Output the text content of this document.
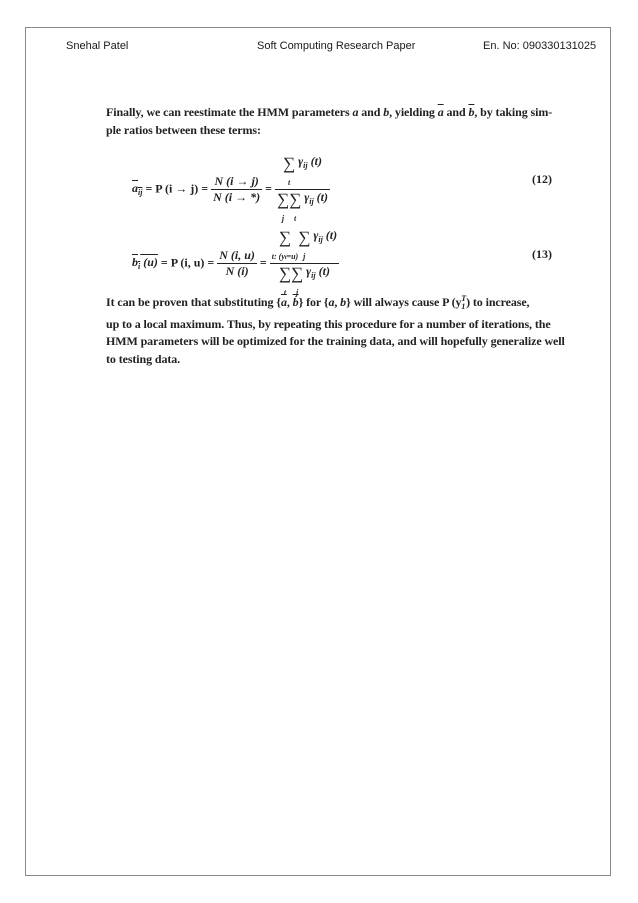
Snehal Patel	Soft Computing Research Paper	En. No: 090330131025
Finally, we can reestimate the HMM parameters a and b, yielding $\overline{a}$ and $\overline{b}$, by taking sim-
ple ratios between these terms:
$a_{ij} = P$ $(i \to j) = \frac{N (i \to j)}{N (i \to *)}$ =
∑
t $\gamma_{ij}$ (t)
∑
j∑
t $\gamma_{ij}$ (t)
(12)
$b_i$ (u) = P (i, $u) = \frac{N (i, u)}{N (i)}$ =
∑
t: (yt=u)∑
j $\gamma_{ij}$ (t)
∑
t∑
j $\gamma_{ij}$ (t)
(13)
It can be proven that substituting {$\overline{a}$, $\overline{b}$} for {a, b} will always cause P $(y_1^T)$ to increase,
up to a local maximum. Thus, by repeating this procedure for a number of iterations, the
HMM parameters will be optimized for the training data, and will hopefully generalize well
to testing data.
